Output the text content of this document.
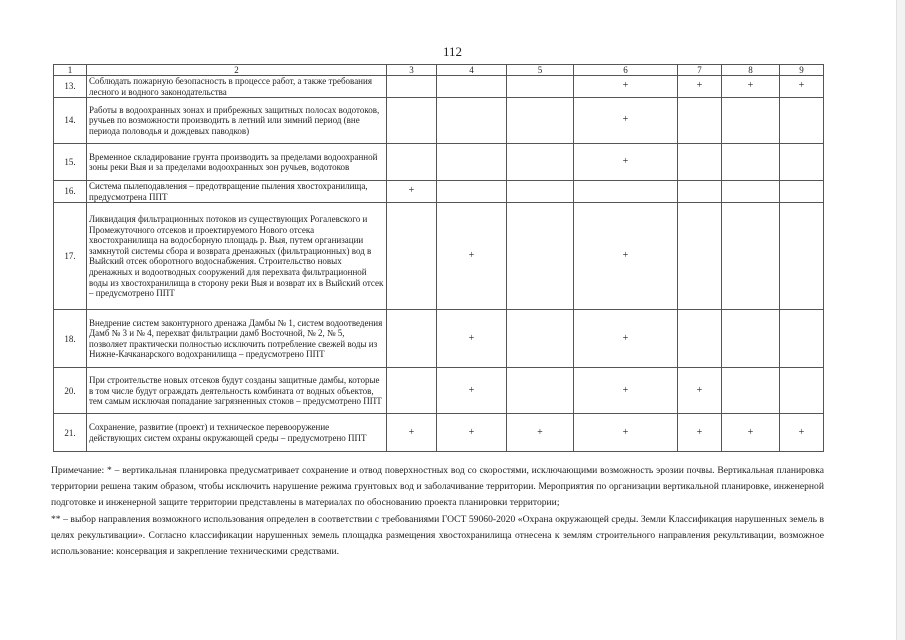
112
1	2	3	4	5	6	7	8	9
13.	Соблюдать пожарную безопасность в процессе работ, а также требования лесного и водного законодательства				+	+	+	+
14.	Работы в водоохранных зонах и прибрежных защитных полосах водотоков, ручьев по возможности производить в летний или зимний период (вне периода половодья и дождевых паводков)				+			
15.	Временное складирование грунта производить за пределами водоохранной зоны реки Выя и за пределами водоохранных зон ручьев, водотоков				+			
16.	Система пылеподавления – предотвращение пыления хвостохранилища, предусмотрена ППТ	+						
17.	Ликвидация фильтрационных потоков из существующих Рогалевского и Промежуточного отсеков и проектируемого Нового отсека хвостохранилища на водосборную площадь р. Выя, путем организации замкнутой системы сбора и возврата дренажных (фильтрационных) вод в Выйский отсек оборотного водоснабжения. Строительство новых дренажных и водоотводных сооружений для перехвата фильтрационной воды из хвостохранилища в сторону реки Выя и возврат их в Выйский отсек – предусмотрено ППТ		+		+			
18.	Внедрение систем законтурного дренажа Дамбы № 1, систем водоотведения Дамб № 3 и № 4, перехват фильтрации дамб Восточной, № 2, № 5, позволяет практически полностью исключить потребление свежей воды из Нижне-Качканарского водохранилища – предусмотрено ППТ		+		+			
20.	При строительстве новых отсеков будут созданы защитные дамбы, которые в том числе будут ограждать деятельность комбината от водных объектов, тем самым исключая попадание загрязненных стоков – предусмотрено ППТ		+		+	+		
21.	Сохранение, развитие (проект) и техническое перевооружение действующих систем охраны окружающей среды – предусмотрено ППТ	+	+	+	+	+	+	+

Примечание: * – вертикальная планировка предусматривает сохранение и отвод поверхностных вод со скоростями, исключающими возможность эрозии почвы. Вертикальная планировка территории решена таким образом, чтобы исключить нарушение режима грунтовых вод и заболачивание территории. Мероприятия по организации вертикальной планировке, инженерной подготовке и инженерной защите территории представлены в материалах по обоснованию проекта планировки территории;

** – выбор направления возможного использования определен в соответствии с требованиями ГОСТ 59060-2020 «Охрана окружающей среды. Земли Классификация нарушенных земель в целях рекультивации». Согласно классификации нарушенных земель площадка размещения хвостохранилища отнесена к землям строительного направления рекультивации, возможное использование: консервация и закрепление техническими средствами.
